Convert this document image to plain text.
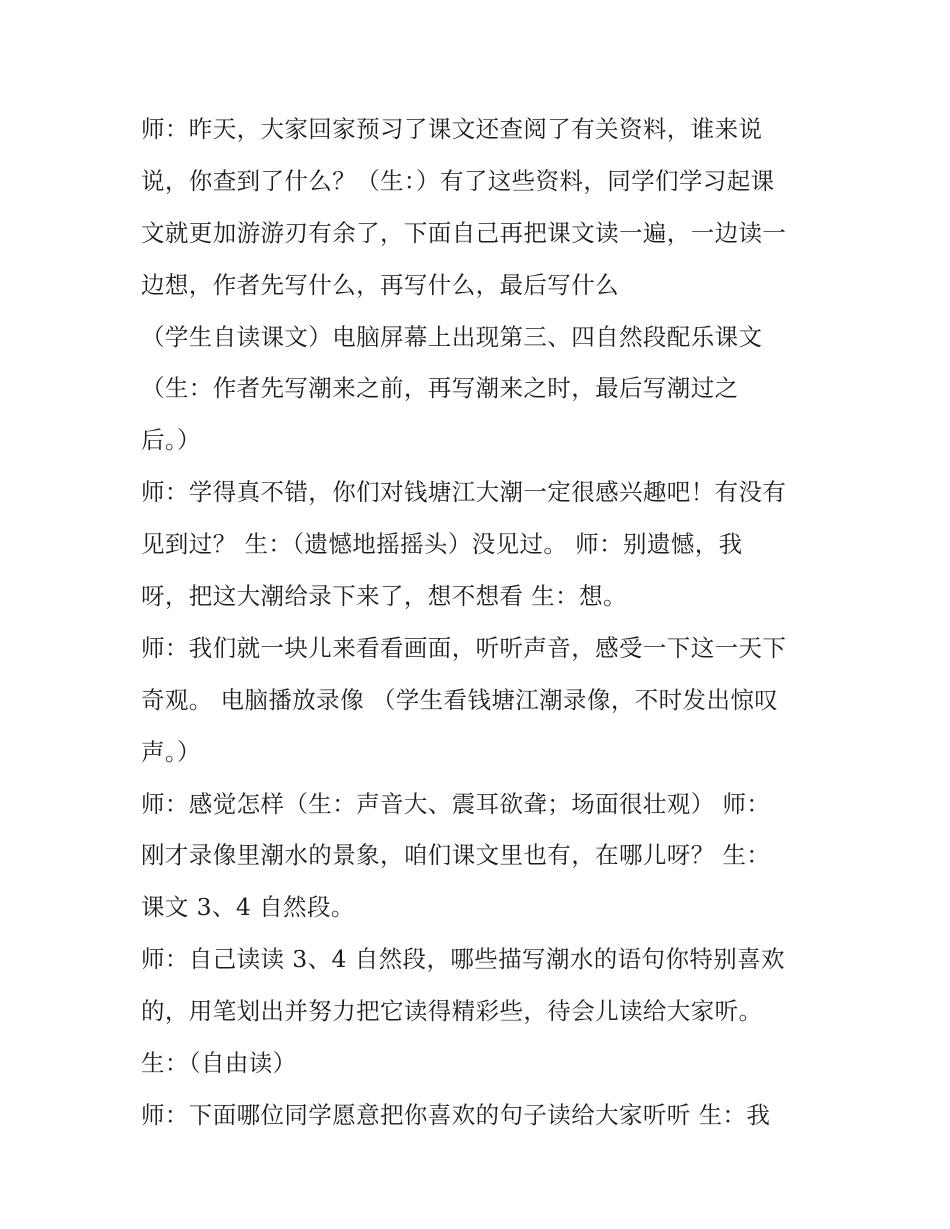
师：昨天，大家回家预习了课文还查阅了有关资料，谁来说
说，你查到了什么？（生：）有了这些资料，同学们学习起课
文就更加游游刃有余了，下面自己再把课文读一遍，一边读一
边想，作者先写什么，再写什么，最后写什么
（学生自读课文）电脑屏幕上出现第三、四自然段配乐课文
（生：作者先写潮来之前，再写潮来之时，最后写潮过之
后。）
师：学得真不错，你们对钱塘江大潮一定很感兴趣吧！有没有
见到过？ 生：（遗憾地摇摇头）没见过。 师：别遗憾，我
呀，把这大潮给录下来了，想不想看 生：想。
师：我们就一块儿来看看画面，听听声音，感受一下这一天下
奇观。 电脑播放录像 （学生看钱塘江潮录像，不时发出惊叹
声。）
师：感觉怎样（生：声音大、震耳欲聋；场面很壮观） 师：
刚才录像里潮水的景象，咱们课文里也有，在哪儿呀？ 生：
课文 3、4 自然段。
师：自己读读 3、4 自然段，哪些描写潮水的语句你特别喜欢
的，用笔划出并努力把它读得精彩些，待会儿读给大家听。
生：（自由读）
师：下面哪位同学愿意把你喜欢的句子读给大家听听 生：我
